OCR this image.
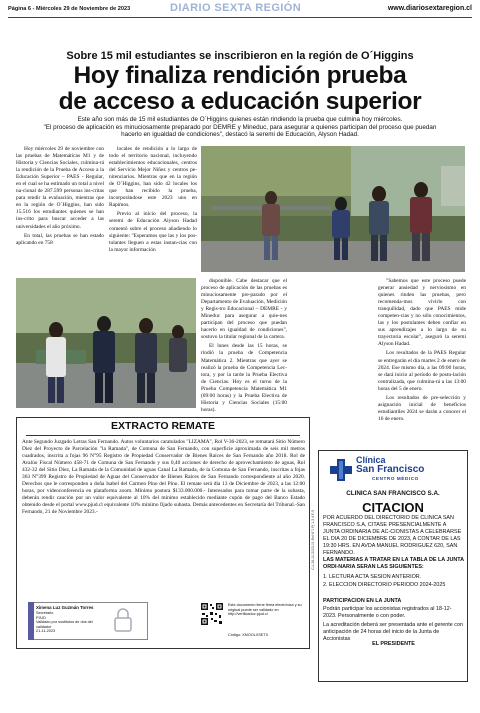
Página 6 - Miércoles 29 de Noviembre de 2023	DIARIO SEXTA REGIÓN	www.diariosextaregion.cl
Sobre 15 mil estudiantes se inscribieron en la región de O´Higgins
Hoy finaliza rendición prueba
de acceso a educación superior
Este año son más de 15 mil estudiantes de O´Higgins quienes están rindiendo la prueba que culmina hoy miércoles.
"El proceso de aplicación es minuciosamente preparado por DEMRE y Mineduc, para asegurar a quienes participan del proceso que puedan
hacerlo en igualdad de condiciones", destacó la seremi de Educación, Alyson Hadad.

Hoy miércoles 29 de noviembre con las pruebas de Matemáticas M1 y de Historia y Ciencias Sociales, culmina-rá la rendición de la Prueba de Acceso a la Educación Superior – PAES - Regular, en el cual se ha estimado un total a nivel na-cional de 287.599 personas ins-critas para rendir la evaluación, mientras que en la región de O´Higgins, han sido 15.516 los estudiantes quienes se han ins-crito para buscar acceder a las universidades el año próximo.

En total, las pruebas se han estado aplicando en 758

locales de rendición a lo largo de todo el territorio nacional, incluyendo establecimientos educacionales, centros del Servicio Mejor Niñez y centros pe-nitenciarios. Mientras que en la región de O´Higgins, han sido 42 locales los que han recibido la prueba, incorporándose este 2023 uno en Rapimos.

Previo al inicio del proceso, la seremi de Educación Alyson Hadad comentó sobre el proceso añadiendo lo siguiente: "Esperamos que las y los pos-tulantes lleguen a estas instan-cias con la mayor información

disponible. Cabe destacar que el proceso de aplicación de las pruebas es minuciosamente pre-parado por el Departamento de Evaluación, Medición y Regis-tro Educacional – DEMRE - y Mineduc para asegurar a quie-nes participan del proceso que puedan hacerlo en igualdad de condiciones", sostuvo la titular regional de la cartera.

El lunes desde las 15 horas, se rindió la prueba de Competencia Matemática 2. Mientras que ayer se realizó la prueba de Competencia Lec-tora, y por la tarde la Prueba Electiva de Ciencias. Hoy es el turno de la Prueba Competencia Matemática M1 (09:00 horas) y la Prueba Electiva de Historia y Ciencias Sociales (15:00 horas).

"Sabemos que este proceso puede generar ansiedad y nerviosismo en quienes rinden las pruebas, pero recomenda-mos vivirlo con tranquilidad, dado que PAES mide competen-cias y no sólo conocimientos, las y los postulantes deben confiar en sus aprendizajes a lo largo de su trayectoria escolar", aseguró la seremi Alyson Hadad.

Los resultados de la PAES Regular se entregarán el día martes 2 de enero de 2024. Ese mismo día, a las 09:00 horas, se dará inicio al período de postu-lación centralizada, que culmina-rá a las 13:00 horas del 5 de enero.

Los resultados de pre-selección y asignación inicial de beneficios estudiantiles 2024 se darán a conocer el 16 de enero.

EXTRACTO REMATE
Ante Segundo Juzgado Letras San Fernando. Autos voluntarios caratulados "LIZAMA", Rol V-36-2023, se rematará Sitio Número Diez del Proyecto de Parcelación "la Ramada", de Comuna de San Fernando, con superficie aproximada de seis mil metros cuadrados, inscrita a fojas 96 N°95 Registro de Propiedad Conservador de Bienes Raíces de San Fernando año 2018. Rol de Avalúo Fiscal Número 458-71 de Comuna de San Fernando y sus 0,40 acciones de derecho de aprovechamiento de aguas, Rol 432-32 del Sitio Diez, La Ramada de la Comunidad de aguas Canal La Ramada, de la Comuna de San Fernando, inscritas a fojas 363 N°399 Registro de Propiedad de Aguas del Conservador de Bienes Raíces de San Fernando correspondiente al año 2020. Derechos que le corresponden a doña Isabel del Carmen Pino del Pino. El remate será día 13 de Diciembre de 2023, a las 12:00 horas, por videoconferencia en plataforma zoom. Mínimo postura $133.000.000.- Interesados para tomar parte de la subasta, deberán rendir caución por un valor equivalente al 10% del mínimo establecido mediante cupón de pago del Banco Estado obtenido desde el portal www.pjud.cl equivalente 10% mínimo fijado subasta. Demás antecedentes en Secretaría del Tribunal.-San Fernando, 21 de Noviembre 2023.-
Ximena Luz Guzmán Torres
Secretario
PJUD
Validado por sustitutos de dos del validador
21-11-2023
Este documento tiene firma electrónica y su original puede ser validado en http://verificadoc.pjud.cl
Código: XMOOLXSETX
Clínica
San Francisco
CENTRO MÉDICO
CLINICA SAN FRANCISCO S.A.
CITACION
POR ACUERDO DEL DIRECTORIO DE CLINICA SAN FRANCISCO S.A, CITASE PRESENCIALMENTE A JUNTA ORDINARIA DE AC-CIONISTAS A CELEBRARSE EL DIA 20 DE DICIEMBRE DE 2023, A CONTAR DE LAS 19:30 HRS. EN AVDA MANUEL RODRIGUEZ 620, SAN FERNANDO.
LAS MATERIAS A TRATAR EN LA TABLA DE LA JUNTA ORDI-NARIA SERAN LAS SIGUIENTES:
1. LECTURA ACTA SESION ANTERIOR.
2. ELECCION DIRECTORIO PERIODO 2024-2025
PARTICIPACION EN LA JUNTA
Podrán participar los accionistas registrados al 18-12-2023. Personalmente o con poder.
La acreditación deberá ser presentada ante el gerente con anticipación de 24 horas del inicio de la Junta de Accionistas
EL PRESIDENTE
C.L.26-10-2023-01 Rol N°1 Pj 1-3 4 F-5
